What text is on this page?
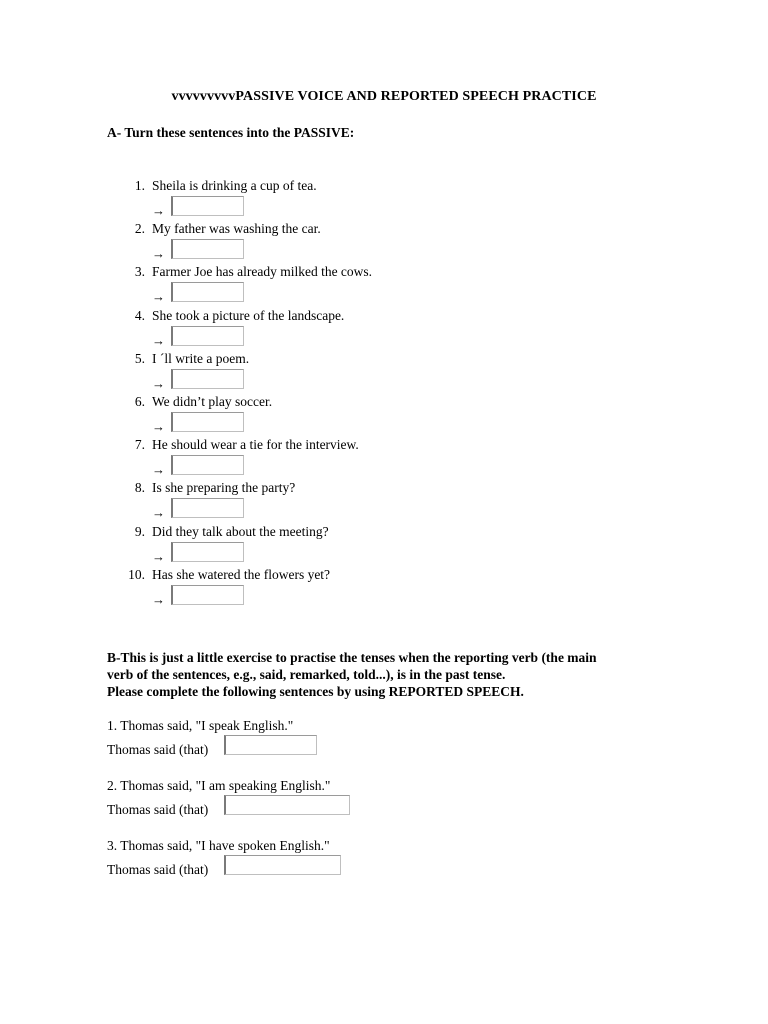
vvvvvvvvvPASSIVE VOICE AND REPORTED SPEECH PRACTICE
A- Turn these sentences into the PASSIVE:
1. Sheila is drinking a cup of tea.
→
2. My father was washing the car.
→
3. Farmer Joe has already milked the cows.
→
4. She took a picture of the landscape.
→
5. I ´ll write a poem.
→
6. We didn’t play soccer.
→
7. He should wear a tie for the interview.
→
8. Is she preparing the party?
→
9. Did they talk about the meeting?
→
10. Has she watered the flowers yet?
→
B-This is just a little exercise to practise the tenses when the reporting verb (the main
verb of the sentences, e.g., said, remarked, told...), is in the past tense.
Please complete the following sentences by using REPORTED SPEECH.
1. Thomas said, "I speak English."
Thomas said (that)
2. Thomas said, "I am speaking English."
Thomas said (that)
3. Thomas said, "I have spoken English."
Thomas said (that)
